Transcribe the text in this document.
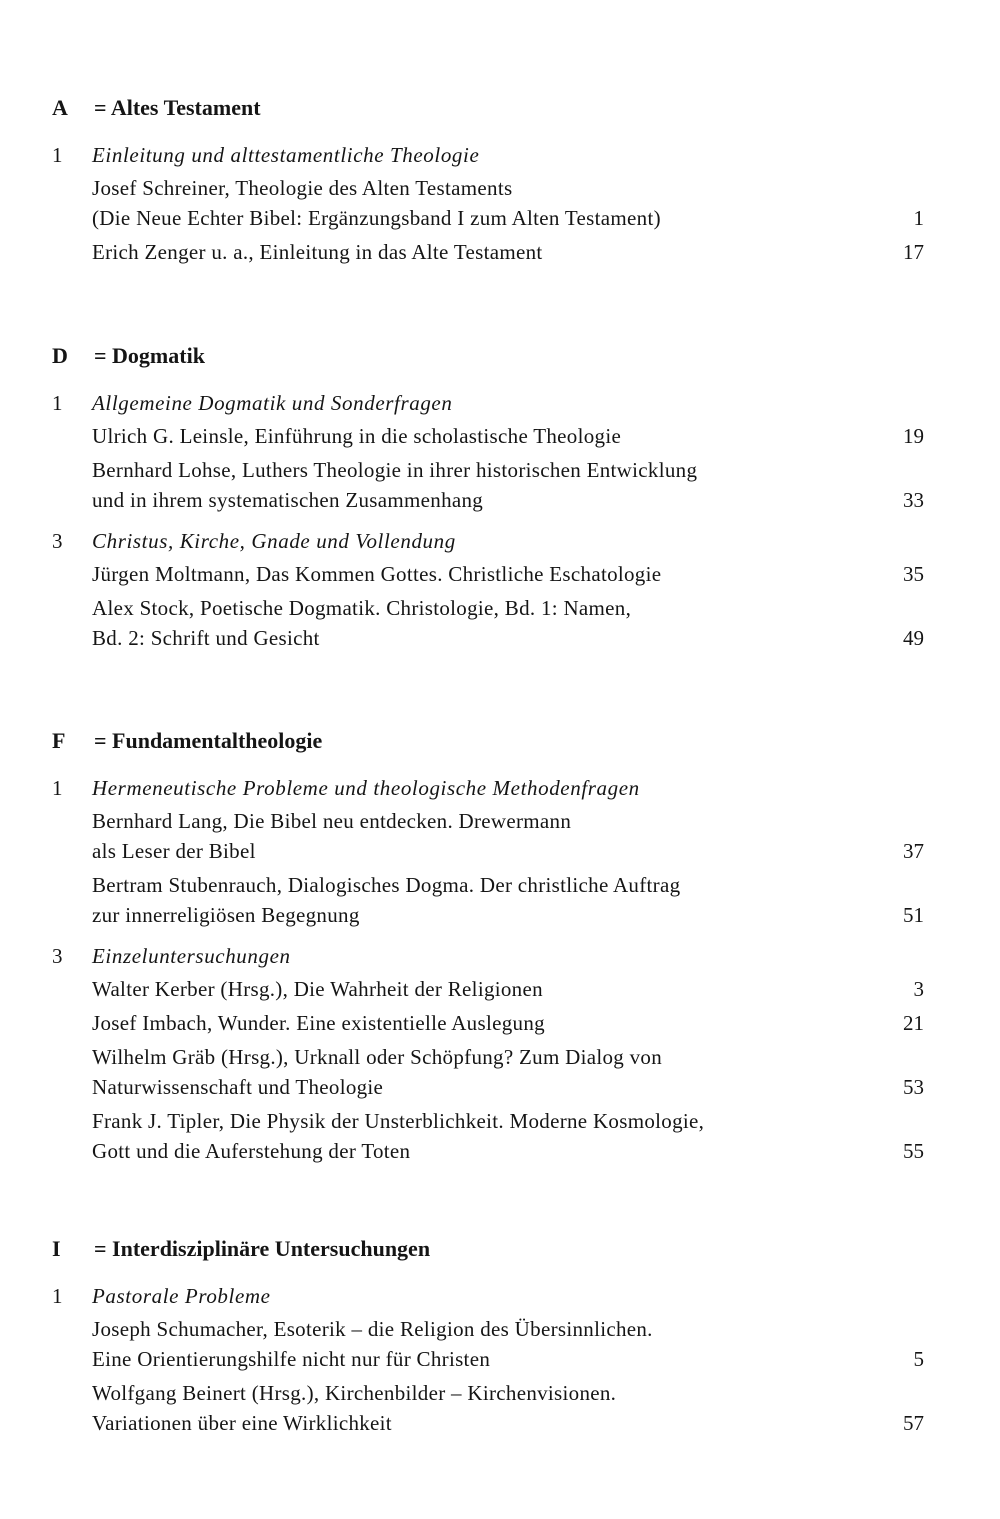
A = Altes Testament
1 Einleitung und alttestamentliche Theologie
Josef Schreiner, Theologie des Alten Testaments
(Die Neue Echter Bibel: Ergänzungsband I zum Alten Testament)	1
Erich Zenger u. a., Einleitung in das Alte Testament	17
D = Dogmatik
1 Allgemeine Dogmatik und Sonderfragen
Ulrich G. Leinsle, Einführung in die scholastische Theologie	19
Bernhard Lohse, Luthers Theologie in ihrer historischen Entwicklung
und in ihrem systematischen Zusammenhang	33
3 Christus, Kirche, Gnade und Vollendung
Jürgen Moltmann, Das Kommen Gottes. Christliche Eschatologie	35
Alex Stock, Poetische Dogmatik. Christologie, Bd. 1: Namen,
Bd. 2: Schrift und Gesicht	49
F = Fundamentaltheologie
1 Hermeneutische Probleme und theologische Methodenfragen
Bernhard Lang, Die Bibel neu entdecken. Drewermann
als Leser der Bibel	37
Bertram Stubenrauch, Dialogisches Dogma. Der christliche Auftrag
zur innerreligiösen Begegnung	51
3 Einzeluntersuchungen
Walter Kerber (Hrsg.), Die Wahrheit der Religionen	3
Josef Imbach, Wunder. Eine existentielle Auslegung	21
Wilhelm Gräb (Hrsg.), Urknall oder Schöpfung? Zum Dialog von
Naturwissenschaft und Theologie	53
Frank J. Tipler, Die Physik der Unsterblichkeit. Moderne Kosmologie,
Gott und die Auferstehung der Toten	55
I = Interdisziplinäre Untersuchungen
1 Pastorale Probleme
Joseph Schumacher, Esoterik – die Religion des Übersinnlichen.
Eine Orientierungshilfe nicht nur für Christen	5
Wolfgang Beinert (Hrsg.), Kirchenbilder – Kirchenvisionen.
Variationen über eine Wirklichkeit	57
